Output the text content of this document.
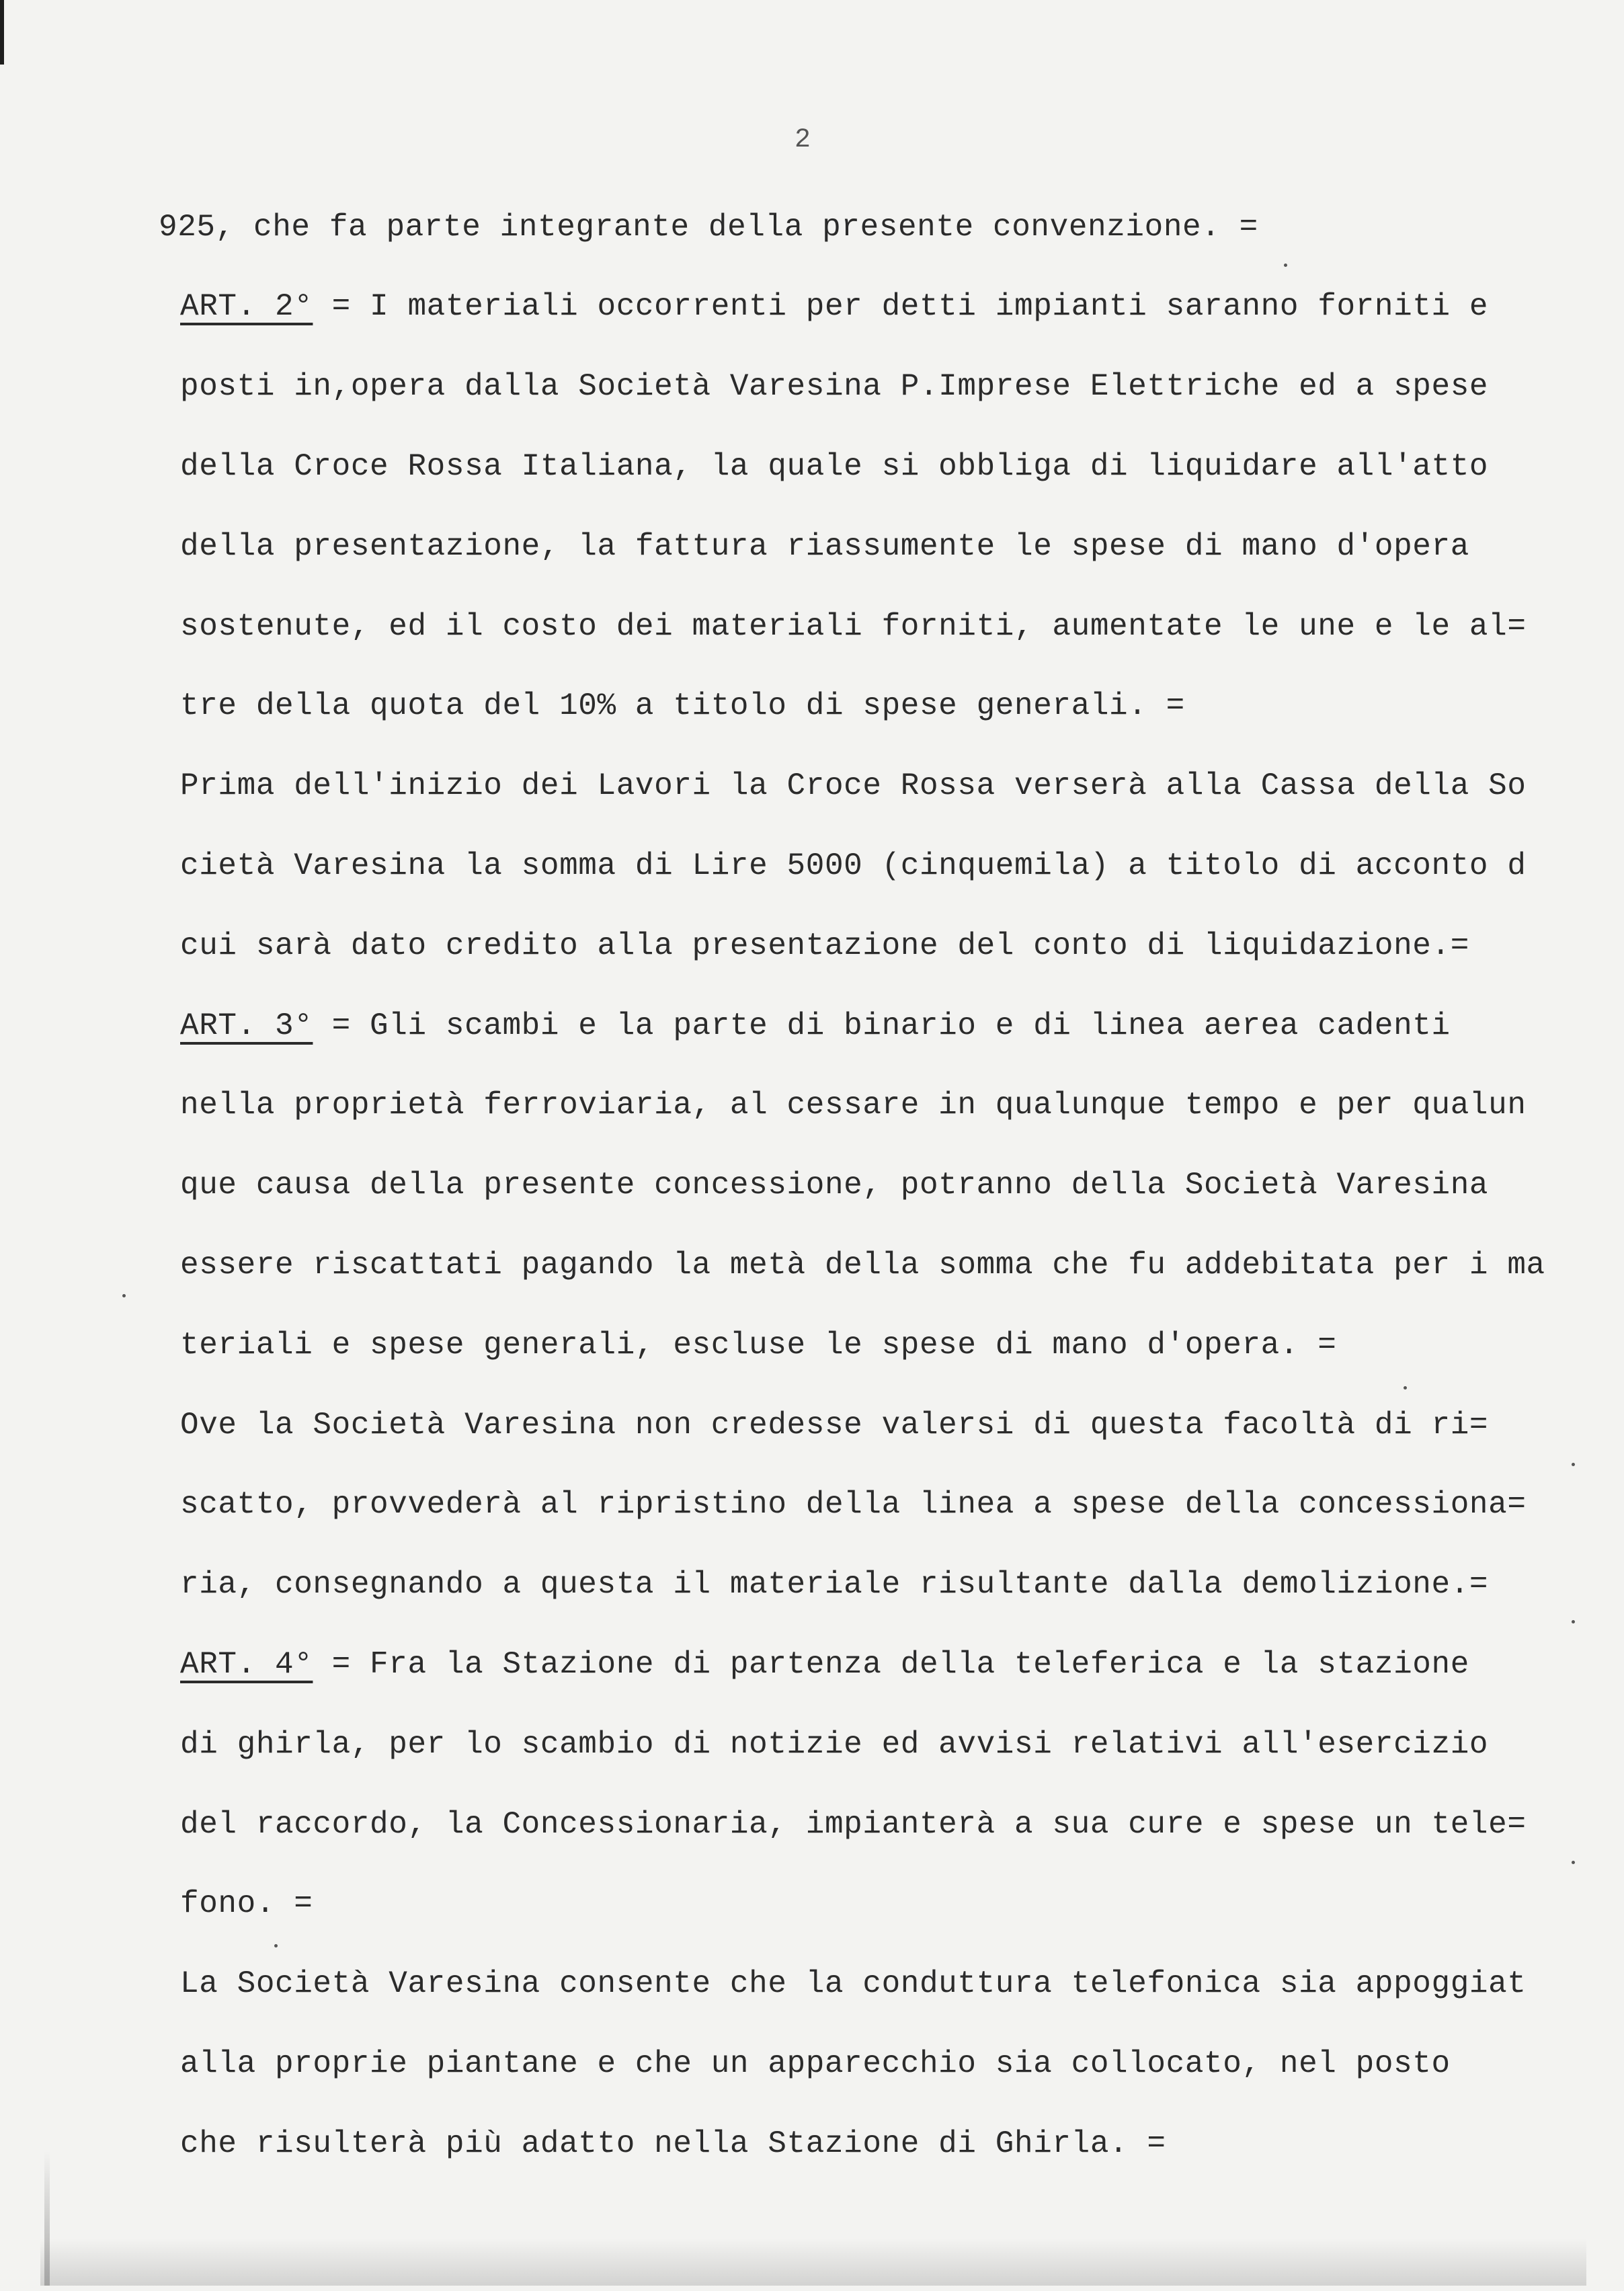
2
925, che fa parte integrante della presente convenzione. =
ART. 2° = I materiali occorrenti per detti impianti saranno forniti e
posti in,opera dalla Società Varesina P.Imprese Elettriche ed a spese
della Croce Rossa Italiana, la quale si obbliga di liquidare all'atto
della presentazione, la fattura riassumente le spese di mano d'opera
sostenute, ed il costo dei materiali forniti, aumentate le une e le al=
tre della quota del 10% a titolo di spese generali. =
Prima dell'inizio dei Lavori la Croce Rossa verserà alla Cassa della So
cietà Varesina la somma di Lire 5000 (cinquemila) a titolo di acconto d
cui sarà dato credito alla presentazione del conto di liquidazione.=
ART. 3° = Gli scambi e la parte di binario e di linea aerea cadenti
nella proprietà ferroviaria, al cessare in qualunque tempo e per qualun
que causa della presente concessione, potranno della Società Varesina
essere riscattati pagando la metà della somma che fu addebitata per i ma
teriali e spese generali, escluse le spese di mano d'opera. =
Ove la Società Varesina non credesse valersi di questa facoltà di ri=
scatto, provvederà al ripristino della linea a spese della concessiona=
ria, consegnando a questa il materiale risultante dalla demolizione.=
ART. 4° = Fra la Stazione di partenza della teleferica e la stazione
di ghirla, per lo scambio di notizie ed avvisi relativi all'esercizio
del raccordo, la Concessionaria, impianterà a sua cure e spese un tele=
fono. =
La Società Varesina consente che la conduttura telefonica sia appoggiat
alla proprie piantane e che un apparecchio sia collocato, nel posto
che risulterà più adatto nella Stazione di Ghirla. =
